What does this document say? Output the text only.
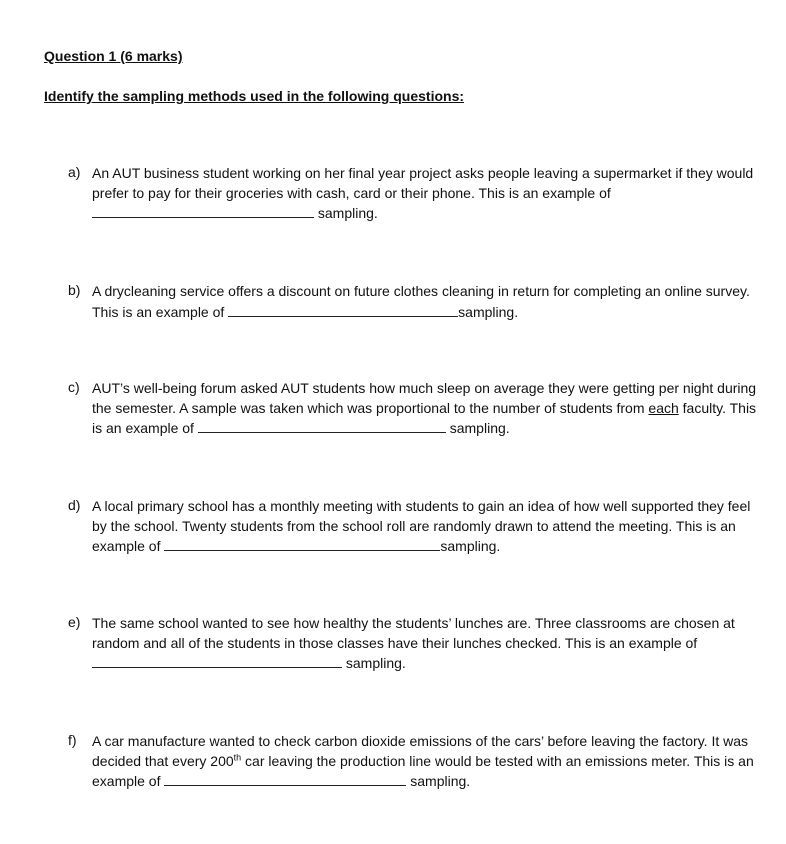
Question 1 (6 marks)

Identify the sampling methods used in the following questions:

a) An AUT business student working on her final year project asks people leaving a supermarket if they would prefer to pay for their groceries with cash, card or their phone. This is an example of
sampling.
b) A drycleaning service offers a discount on future clothes cleaning in return for completing an online survey. This is an example of	sampling.
c) AUT’s well-being forum asked AUT students how much sleep on average they were getting per night during the semester. A sample was taken which was proportional to the number of students from each faculty. This is an example of	sampling.
d) A local primary school has a monthly meeting with students to gain an idea of how well supported they feel by the school. Twenty students from the school roll are randomly drawn to attend the meeting. This is an example of	sampling.
e) The same school wanted to see how healthy the students’ lunches are. Three classrooms are chosen at random and all of the students in those classes have their lunches checked. This is an example of  sampling.
f)	A car manufacture wanted to check carbon dioxide emissions of the cars’ before leaving the factory. It was decided that every 200th car leaving the production line would be tested with an emissions meter. This is an example of	sampling.
